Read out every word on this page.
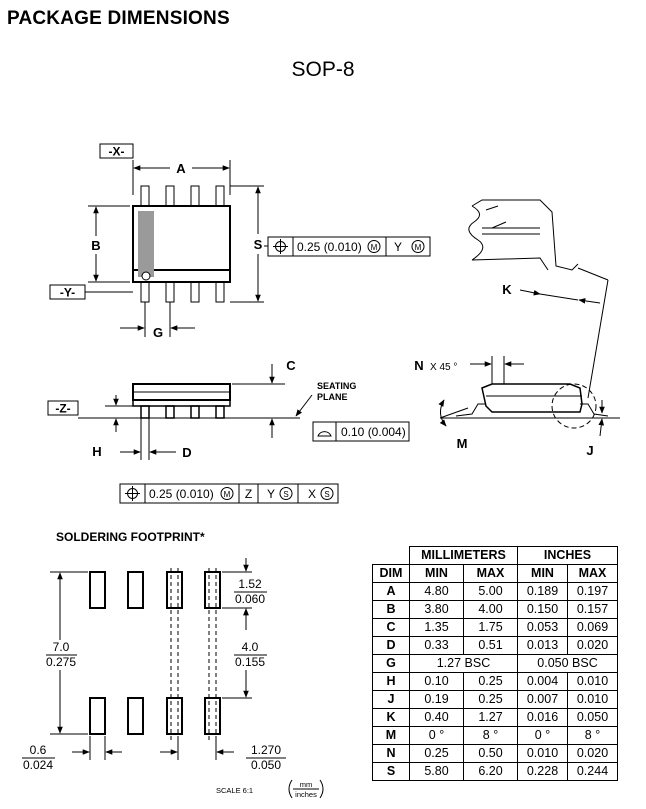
PACKAGE DIMENSIONS
SOP-8
-X-
A
B
-Y-
S	0.25 (0.010) M Y M
G
-Z-
C
SEATING
PLANE
0.10 (0.004)
H	D
0.25 (0.010) M Z Y S X S
K
N X 45 °
M	J
SOLDERING FOOTPRINT*
7.0
0.275
1.52
0.060
4.0
0.155
0.6
0.024
1.270
0.050
SCALE 6:1
mm
inches
	MILLIMETERS		INCHES	
DIM	MIN	MAX	MIN	MAX
A	4.80	5.00	0.189	0.197
B	3.80	4.00	0.150	0.157
C	1.35	1.75	0.053	0.069
D	0.33	0.51	0.013	0.020
G	1.27 BSC		0.050 BSC	
H	0.10	0.25	0.004	0.010
J	0.19	0.25	0.007	0.010
K	0.40	1.27	0.016	0.050
M	0 °	8 °	0 °	8 °
N	0.25	0.50	0.010	0.020
S	5.80	6.20	0.228	0.244
